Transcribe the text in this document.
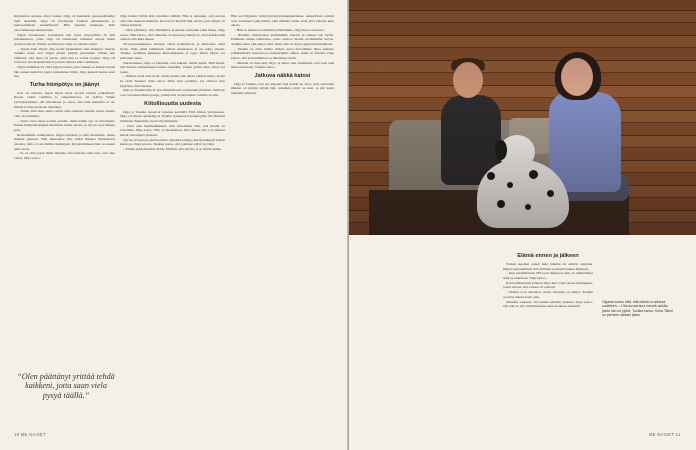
Käytännön asioissa ollen avuksi. Olga oli kuitenkin perusteellisempi kuin aiemmin. Olga oli huolissaan Tuukan jaksamisesta ja kuntoutumisen etenemisestä. Hän tutustui kaikkeen, mitä aivovammoista kirjoitettiin.

Olgan tietokoneen avaruuteen hän löysi työpöydältä 25 000 kuvakansiota, jotka Olga oli tallentanut tärkeiksi asioita kuten työvuorolistoja. Niiden selvittelyyn Olga ei osannut auttaa.

– Tuntui kuin Olgan oma kodin järjestelmä olisi kaatunut. Kerran Tuukka tunsi, että Olgan pitäisi pärjätä paremmin. Silloin hän ymmärsi, että siinä oli jotain, mitä hän ei voinut korjata. Olga oli toivonut, että keskustelisivat jostain muusta kuin vammasta.

Olgan elämässä oli vielä paljon asioita, joita Tuukka ei ehtinyt käydä läpi ennen kuin hän joutui palaamaan töihin. Olga kokeili hoitaa asiat itse.

Turha hömpötys on jäänyt

Koti oli siivottu, hujan hajan olleet tavarat laitettu paikoilleen. Ruoka oluttii valmiina ja riippumatossa oli ystävä. Vanha ystäväpariskunta tuli katsomaan ja sanoi, että näin kauniilta ei ole heidän kotinsa koskaan näyttänyt.

– Tuntui siltä kuin sama vauhti olisi edelleen tallella, mutta suunta vain oli vaihtunut.

– Vielä vuosi sitten joulua pohdin, mikä kaikki nyt on muuttunut. Ennen hömpötin kaiken maailman turhia asioita, ja nyt ne ovat jääneet pois.

Koulutamme kaikenlaista Olgan mieleen ja hän kuuntelee, miten ihmiset puhuvat. Hän ihmettelee yhä, miksi ihmiset hermoilevat asioista, joilla ei ole mitään merkitystä. Kirjoittamiseen hän on saanut uutta intoa.

– Se on ollut paras lääke minulle, ettei kukaan enää sano, että olen viisas, Olga sanoo.

Olga halusi yrittää elää tavallista elämää. Hän ei halunnut, että sairaus olisi aina mukana kaikessa. Kotona he kävivät läpi asioita, joita Olgan oli vaikea muistaa.

– Olen päättänyt, että elämämme ei muutu sairauden takia liikaa, Olga sanoo. Hän kertoo, että vaikeinta oli alussa hyväksyä se, ettei kaikki enää onnistu niin kuin ennen.

Terveyskeskuksessa hoitajat olivat kannustavia ja kuntoutus eteni hyvin. Olga pääsi puhumaan omista tunteistaan ja sai tukea arkeen. Tuukka osallistui kaikkeen kuntoutukseen ja oppi, miten Olgaa voi parhaiten tukea.

Sairausaikana Olga ei halunnut, että kukaan säälisi häntä. Hän halusi, että häneen suhtaudutaan kuten ennenkin, vaikka jotkin asiat olivat nyt toisin.

– Ihmiset eivät aina tiedä, miten pitäisi olla. Moni vältteli meitä, koska he eivät tienneet mitä sanoa. Olisi ollut parempi, jos olisivat vain kysyneet, mitä kuuluu.

Olga ja Tuukka käyvät yhä säännöllisesti vertaistukiryhmässä. Siellä he ovat tavanneet muita pareja, joiden arki on muuttunut samalla tavalla.

Kiitollisuutta uudesta

Olga ja Tuukka tapasivat toisensa keväällä 2004 Oulun yliopistossa. Olga oli silloin opiskelija ja Tuukka työskenteli kaupungilla. He menivät naimisiin muutamaa vuotta myöhemmin.

– Olen aina myöhemminkin ollut kiitollinen siitä, että meillä on toisemme, Olga sanoo. Hän on huomannut, että vaikeat ajat ovat tehneet heistä vahvempia yhdessä.

Nyt he arvostavat pieniä asioita: yhteisiä aamuja, kävelylenkkejä koiran kanssa ja iltoja kotona. Tuukka sanoo, että jokainen päivä on lahja.

– Emme enää murehdi turhia. Elämme tätä päivää, ja se riittää meille.

Hän sai hiljattain työkyvyttömyyseläkepäätöksen. Arkipäivien rutiinit ovat asettuneet paikoilleen, eikä mikään tunnu enää yhtä pahalta kuin alussa.

– Hän on tärkeä osa meidän perhettämme, Olga kertoo koirasta.

– Olemme rinnastaneet elämäämme tarkasti ja tehneet sen hyvin. Pidämme kiinni rutiineista, jotka antavat meille molemmille turvaa. Tuukka tekee yhä paljon töitä, mutta hän on myös oppinut hidastamaan.

– Parikin on ollut meille tärkeä, joten luovuimme lähes kaikista ylimääräisistä menoista ja keskityimme siihen, mikä on tärkeää. Olga kertoo, että sairastuminen on lähentänyt heitä.

– Minulla on ihan uusi Olga, ja minä olen onnellinen, että saan elää hänen kanssaan, Tuukka sanoo.

Jatkuva näkkä katosi

Olga ja Tuukka ovat nyt käyneet läpi kaikki ne asiat, joita sairauden jälkeen on pitänyt käydä läpi. Jokainen päivä on uusi, ja sitä kohti mennään yhdessä.

“Olen päättänyt yrittää tehdä kaikkeni, jotta saan viela pysyä täällä.”
10 ME NAISET
Elämä ennen ja jälkeen

Toinen tapahtui ennen kuin mikään oli ehtinyt tapahtua. Olgan sairastuminen tuli yllättäen ja muutti kaiken hetkessä.

– Kun ensimmäinen MS-tauti diagnoosi tuli, en ymmärtänyt mitä se tarkoittaa. Olga kertoo.

Kontrollikäyntien jälkeen Olga kävi vielä uusia tutkimuksia, joissa selvisi, että sairaus oli edennyt.

– Hoidot ovat auttaneet, mutta väsymys on jäänyt. Tuukka on ollut tukena koko ajan.

Olemme sopineet, että kaikki tehdään yhdessä. Olga sanoo, että arki on nyt rauhallisempaa kuin koskaan aiemmin.

Olgasta tuntuu siltä, että elämä on alkanut uudelleen. – Hän kuvaa aina minulle asioita, joista hän on ylpeä, Tuukka sanoo. Koira Tiikeri on perheen rakkain jäsen.
ME NAISET 11
